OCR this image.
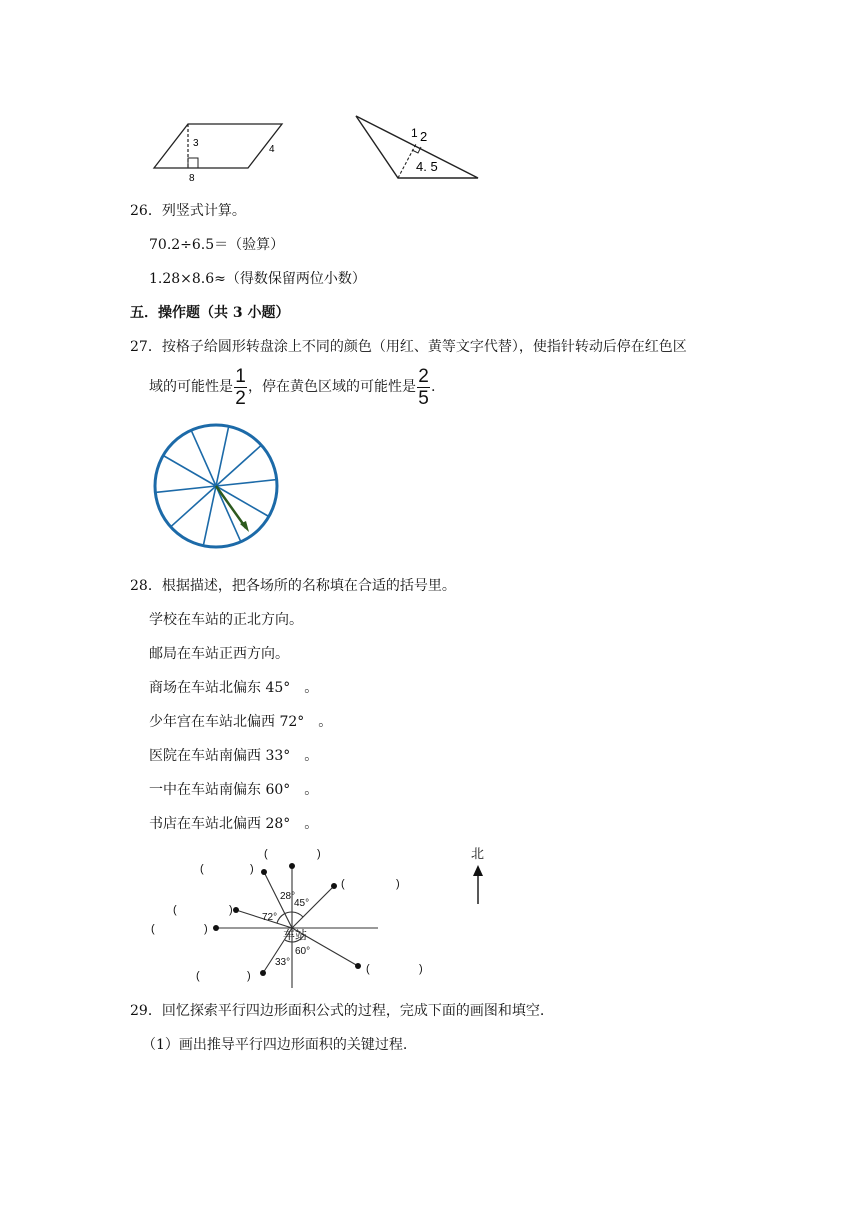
3
4
8
1 2
4. 5
26．列竖式计算。
70.2÷6.5＝（验算）
1.28×8.6≈（得数保留两位小数）
五．操作题（共 3 小题）
27．按格子给圆形转盘涂上不同的颜色（用红、黄等文字代替），使指针转动后停在红色区
域的可能性是 $\frac{1}{2}$ ，停在黄色区域的可能性是 $\frac{2}{5}$ .
28．根据描述，把各场所的名称填在合适的括号里。
学校在车站的正北方向。
邮局在车站正西方向。
商场在车站北偏东 45°　。
少年宫在车站北偏西 72°　。
医院在车站南偏西 33°　。
一中在车站南偏东 60°　。
书店在车站北偏西 28°　。
28°
45°
72°
60°
33°
车站
(	)
(	)
(	)
(	)
(	)
(	)
(	)
北
29．回忆探索平行四边形面积公式的过程，完成下面的画图和填空.
（1）画出推导平行四边形面积的关键过程.
